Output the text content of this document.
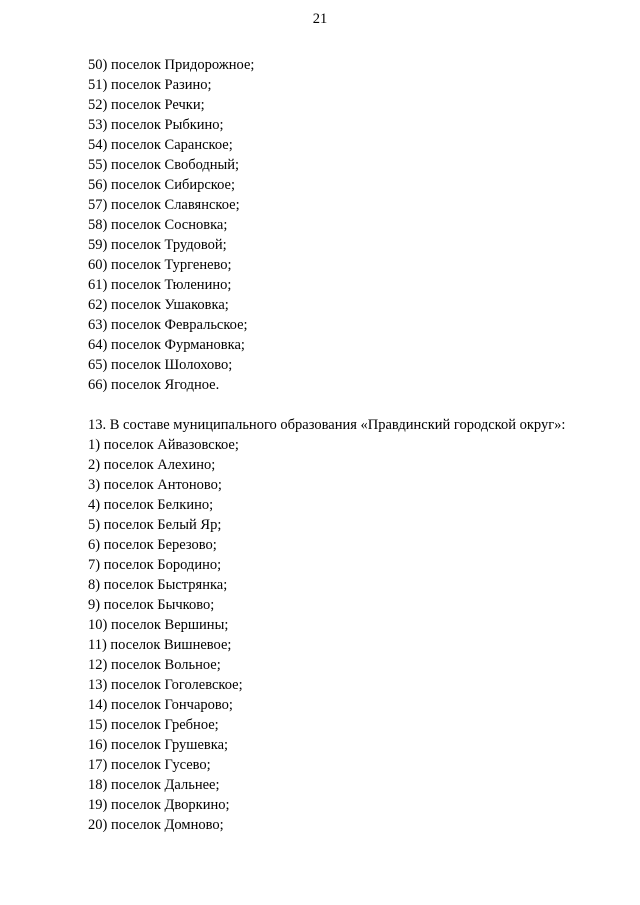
21
50) поселок Придорожное;
51) поселок Разино;
52) поселок Речки;
53) поселок Рыбкино;
54) поселок Саранское;
55) поселок Свободный;
56) поселок Сибирское;
57) поселок Славянское;
58) поселок Сосновка;
59) поселок Трудовой;
60) поселок Тургенево;
61) поселок Тюленино;
62) поселок Ушаковка;
63) поселок Февральское;
64) поселок Фурмановка;
65) поселок Шолохово;
66) поселок Ягодное.
13. В составе муниципального образования «Правдинский городской округ»:
1) поселок Айвазовское;
2) поселок Алехино;
3) поселок Антоново;
4) поселок Белкино;
5) поселок Белый Яр;
6) поселок Березово;
7) поселок Бородино;
8) поселок Быстрянка;
9) поселок Бычково;
10) поселок Вершины;
11) поселок Вишневое;
12) поселок Вольное;
13) поселок Гоголевское;
14) поселок Гончарово;
15) поселок Гребное;
16) поселок Грушевка;
17) поселок Гусево;
18) поселок Дальнее;
19) поселок Дворкино;
20) поселок Домново;
